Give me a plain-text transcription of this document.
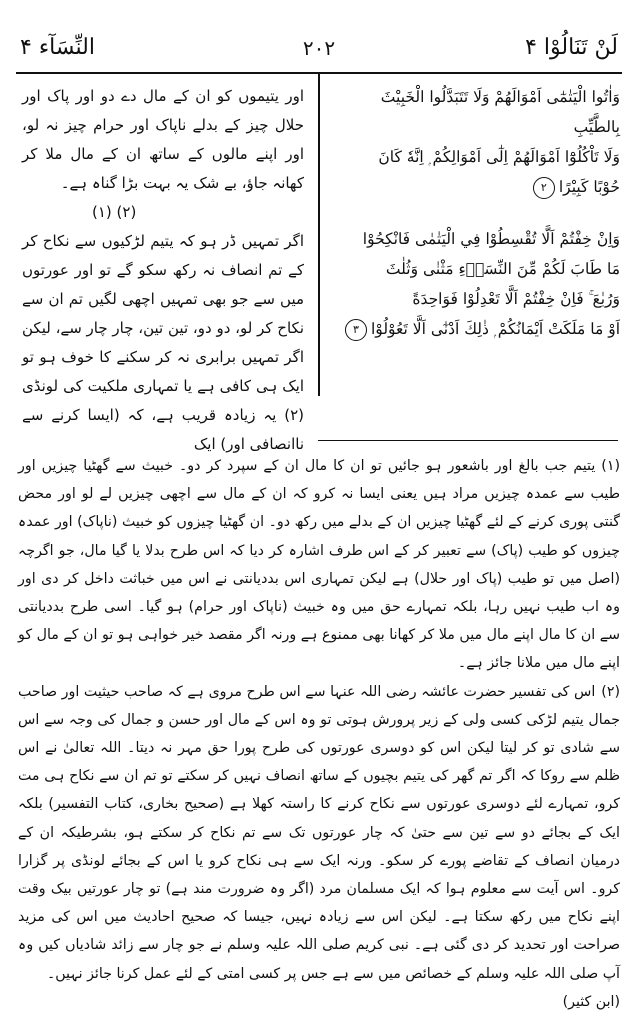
لَنْ تَنَالُوْا ۴
۲۰۲
النِّسَآء ۴

وَاٰتُوا الْيَتٰمٰٓى اَمْوَالَهُمْ وَلَا تَتَبَدَّلُوا الْخَبِيْثَ بِالطَّيِّبِ

وَلَا تَاْكُلُوْٓا اَمْوَالَهُمْ اِلٰٓى اَمْوَالِكُمْ ۭ اِنَّهٗ كَانَ

حُوْبًا كَبِيْرًا۲

وَاِنْ خِفْتُمْ اَلَّا تُقْسِطُوْا فِي الْيَتٰمٰى فَانْكِحُوْا

مَا طَابَ لَكُمْ مِّنَ النِّسَاۗءِ مَثْنٰى وَثُلٰثَ

وَرُبٰعَ ۚ فَاِنْ خِفْتُمْ اَلَّا تَعْدِلُوْا فَوَاحِدَةً

اَوْ مَا مَلَكَتْ اَيْمَانُكُمْ ۭ ذٰلِكَ اَدْنٰٓى اَلَّا تَعُوْلُوْا۳

اور یتیموں کو ان کے مال دے دو اور پاک اور حلال چیز کے بدلے ناپاک اور حرام چیز نہ لو، اور اپنے مالوں کے ساتھ ان کے مال ملا کر کھانہ جاؤ، بے شک یہ بہت بڑا گناہ ہے۔

(۲) (۱)

اگر تمہیں ڈر ہو کہ یتیم لڑکیوں سے نکاح کر کے تم انصاف نہ رکھ سکو گے تو اور عورتوں میں سے جو بھی تمہیں اچھی لگیں تم ان سے نکاح کر لو، دو دو، تین تین، چار چار سے، لیکن اگر تمہیں برابری نہ کر سکنے کا خوف ہو تو ایک ہی کافی ہے یا تمہاری ملکیت کی لونڈی (۲) یہ زیادہ قریب ہے، کہ (ایسا کرنے سے ناانصافی اور) ایک

(۱)یتیم جب بالغ اور باشعور ہو جائیں تو ان کا مال ان کے سپرد کر دو۔ خبیث سے گھٹیا چیزیں اور طیب سے عمدہ چیزیں مراد ہیں یعنی ایسا نہ کرو کہ ان کے مال سے اچھی چیزیں لے لو اور محض گنتی پوری کرنے کے لئے گھٹیا چیزیں ان کے بدلے میں رکھ دو۔ ان گھٹیا چیزوں کو خبیث (ناپاک) اور عمدہ چیزوں کو طیب (پاک) سے تعبیر کر کے اس طرف اشارہ کر دیا کہ اس طرح بدلا یا گیا مال، جو اگرچہ (اصل میں تو طیب (پاک اور حلال) ہے لیکن تمہاری اس بددیانتی نے اس میں خباثت داخل کر دی اور وہ اب طیب نہیں رہا، بلکہ تمہارے حق میں وہ خبیث (ناپاک اور حرام) ہو گیا۔ اسی طرح بددیانتی سے ان کا مال اپنے مال میں ملا کر کھانا بھی ممنوع ہے ورنہ اگر مقصد خیر خواہی ہو تو ان کے مال کو اپنے مال میں ملانا جائز ہے۔

(۲)اس کی تفسیر حضرت عائشہ رضی اللہ عنہا سے اس طرح مروی ہے کہ صاحب حیثیت اور صاحب جمال یتیم لڑکی کسی ولی کے زیر پرورش ہوتی تو وہ اس کے مال اور حسن و جمال کی وجہ سے اس سے شادی تو کر لیتا لیکن اس کو دوسری عورتوں کی طرح پورا حق مہر نہ دیتا۔ اللہ تعالیٰ نے اس ظلم سے روکا کہ اگر تم گھر کی یتیم بچیوں کے ساتھ انصاف نہیں کر سکتے تو تم ان سے نکاح ہی مت کرو، تمہارے لئے دوسری عورتوں سے نکاح کرنے کا راستہ کھلا ہے (صحیح بخاری، کتاب التفسیر) بلکہ ایک کے بجائے دو سے تین سے حتیٰ کہ چار عورتوں تک سے تم نکاح کر سکتے ہو، بشرطیکہ ان کے درمیان انصاف کے تقاضے پورے کر سکو۔ ورنہ ایک سے ہی نکاح کرو یا اس کے بجائے لونڈی پر گزارا کرو۔ اس آیت سے معلوم ہوا کہ ایک مسلمان مرد (اگر وہ ضرورت مند ہے) تو چار عورتیں بیک وقت اپنے نکاح میں رکھ سکتا ہے۔ لیکن اس سے زیادہ نہیں، جیسا کہ صحیح احادیث میں اس کی مزید صراحت اور تحدید کر دی گئی ہے۔ نبی کریم صلی اللہ علیہ وسلم نے جو چار سے زائد شادیاں کیں وہ آپ صلی اللہ علیہ وسلم کے خصائص میں سے ہے جس پر کسی امتی کے لئے عمل کرنا جائز نہیں۔

(ابن کثیر)
